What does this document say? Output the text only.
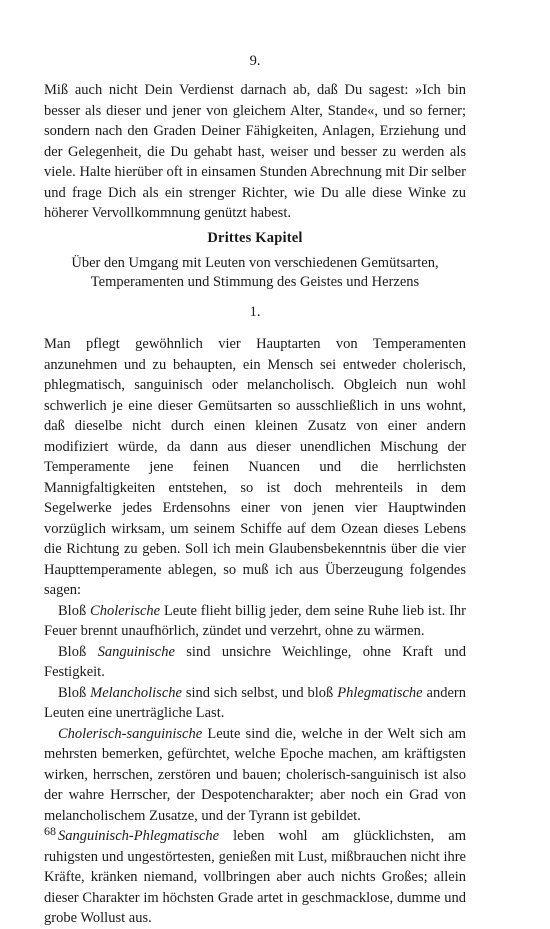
9.

Miß auch nicht Dein Verdienst darnach ab, daß Du sagest: »Ich bin besser als dieser und jener von gleichem Alter, Stande«, und so ferner; sondern nach den Graden Deiner Fähigkeiten, Anlagen, Erziehung und der Gelegenheit, die Du gehabt hast, weiser und besser zu werden als viele. Halte hierüber oft in einsamen Stunden Abrechnung mit Dir selber und frage Dich als ein strenger Richter, wie Du alle diese Winke zu höherer Vervollkommnung genützt habest.

Drittes Kapitel
Über den Umgang mit Leuten von verschiedenen Gemütsarten,
Temperamenten und Stimmung des Geistes und Herzens
1.

Man pflegt gewöhnlich vier Hauptarten von Temperamenten anzunehmen und zu behaupten, ein Mensch sei entweder cholerisch, phlegmatisch, sanguinisch oder melancholisch. Obgleich nun wohl schwerlich je eine dieser Gemütsarten so ausschließlich in uns wohnt, daß dieselbe nicht durch einen kleinen Zusatz von einer andern modifiziert würde, da dann aus dieser unendlichen Mischung der Temperamente jene feinen Nuancen und die herrlichsten Mannigfaltigkeiten entstehen, so ist doch mehrenteils in dem Segelwerke jedes Erdensohns einer von jenen vier Hauptwinden vorzüglich wirksam, um seinem Schiffe auf dem Ozean dieses Lebens die Richtung zu geben. Soll ich mein Glaubensbekenntnis über die vier Haupttemperamente ablegen, so muß ich aus Überzeugung folgendes sagen:

Bloß Cholerische Leute flieht billig jeder, dem seine Ruhe lieb ist. Ihr Feuer brennt unaufhörlich, zündet und verzehrt, ohne zu wärmen.

Bloß Sanguinische sind unsichre Weichlinge, ohne Kraft und Festigkeit.

Bloß Melancholische sind sich selbst, und bloß Phlegmatische andern Leuten eine unerträgliche Last.

Cholerisch-sanguinische Leute sind die, welche in der Welt sich am mehrsten bemerken, gefürchtet, welche Epoche machen, am kräftigsten wirken, herrschen, zerstören und bauen; cholerisch-sanguinisch ist also der wahre Herrscher, der Despotencharakter; aber noch ein Grad von melancholischem Zusatze, und der Tyrann ist gebildet.

Sanguinisch-Phlegmatische leben wohl am glücklichsten, am ruhigsten und ungestörtesten, genießen mit Lust, mißbrauchen nicht ihre Kräfte, kränken niemand, vollbringen aber auch nichts Großes; allein dieser Charakter im höchsten Grade artet in geschmacklose, dumme und grobe Wollust aus.

68
